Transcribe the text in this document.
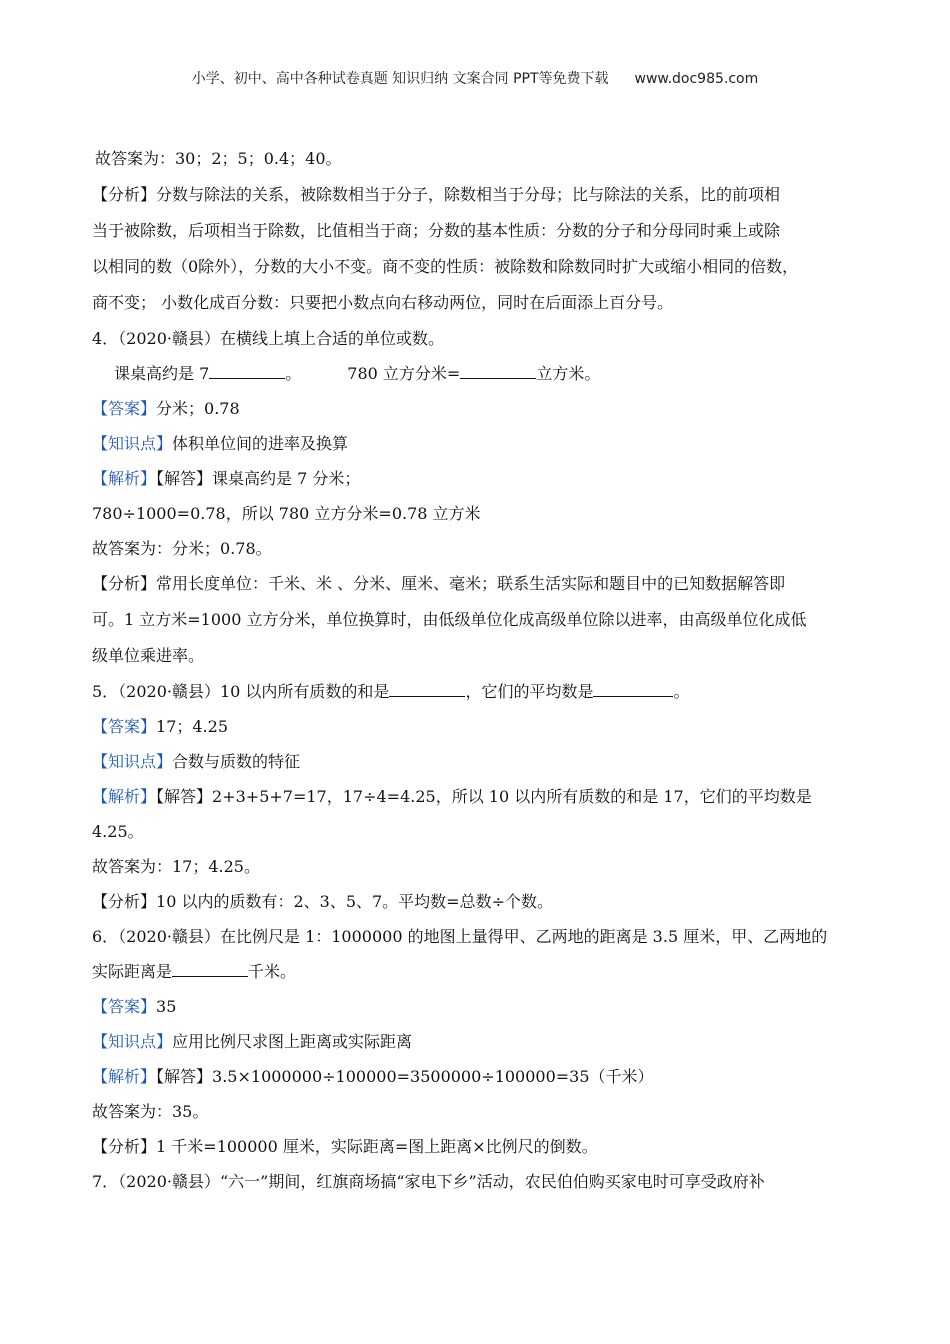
小学、初中、高中各种试卷真题 知识归纳 文案合同 PPT等免费下载 www.doc985.com
故答案为：30；2；5；0.4；40。
【分析】分数与除法的关系，被除数相当于分子，除数相当于分母；比与除法的关系，比的前项相
当于被除数，后项相当于除数，比值相当于商；分数的基本性质：分数的分子和分母同时乘上或除
以相同的数（0除外），分数的大小不变。商不变的性质：被除数和除数同时扩大或缩小相同的倍数，
商不变； 小数化成百分数：只要把小数点向右移动两位，同时在后面添上百分号。
4．（2020·赣县）在横线上填上合适的单位或数。
课桌高约是 7	。	780 立方分米=	立方米。
【答案】分米；0.78
【知识点】体积单位间的进率及换算
【解析】【解答】课桌高约是 7 分米；
780÷1000=0.78，所以 780 立方分米=0.78 立方米
故答案为：分米；0.78。
【分析】常用长度单位：千米、米 、分米、厘米、毫米；联系生活实际和题目中的已知数据解答即
可。1 立方米=1000 立方分米，单位换算时，由低级单位化成高级单位除以进率，由高级单位化成低
级单位乘进率。
5．（2020·赣县）10 以内所有质数的和是	，它们的平均数是	。
【答案】17；4.25
【知识点】合数与质数的特征
【解析】【解答】2+3+5+7=17，17÷4=4.25，所以 10 以内所有质数的和是 17，它们的平均数是
4.25。
故答案为：17；4.25。
【分析】10 以内的质数有：2、3、5、7。平均数=总数÷个数。
6．（2020·赣县）在比例尺是 1：1000000 的地图上量得甲、乙两地的距离是 3.5 厘米，甲、乙两地的
实际距离是	千米。
【答案】35
【知识点】应用比例尺求图上距离或实际距离
【解析】【解答】3.5×1000000÷100000=3500000÷100000=35（千米）
故答案为：35。
【分析】1 千米=100000 厘米，实际距离=图上距离×比例尺的倒数。
7．（2020·赣县）“六一”期间，红旗商场搞“家电下乡”活动，农民伯伯购买家电时可享受政府补
